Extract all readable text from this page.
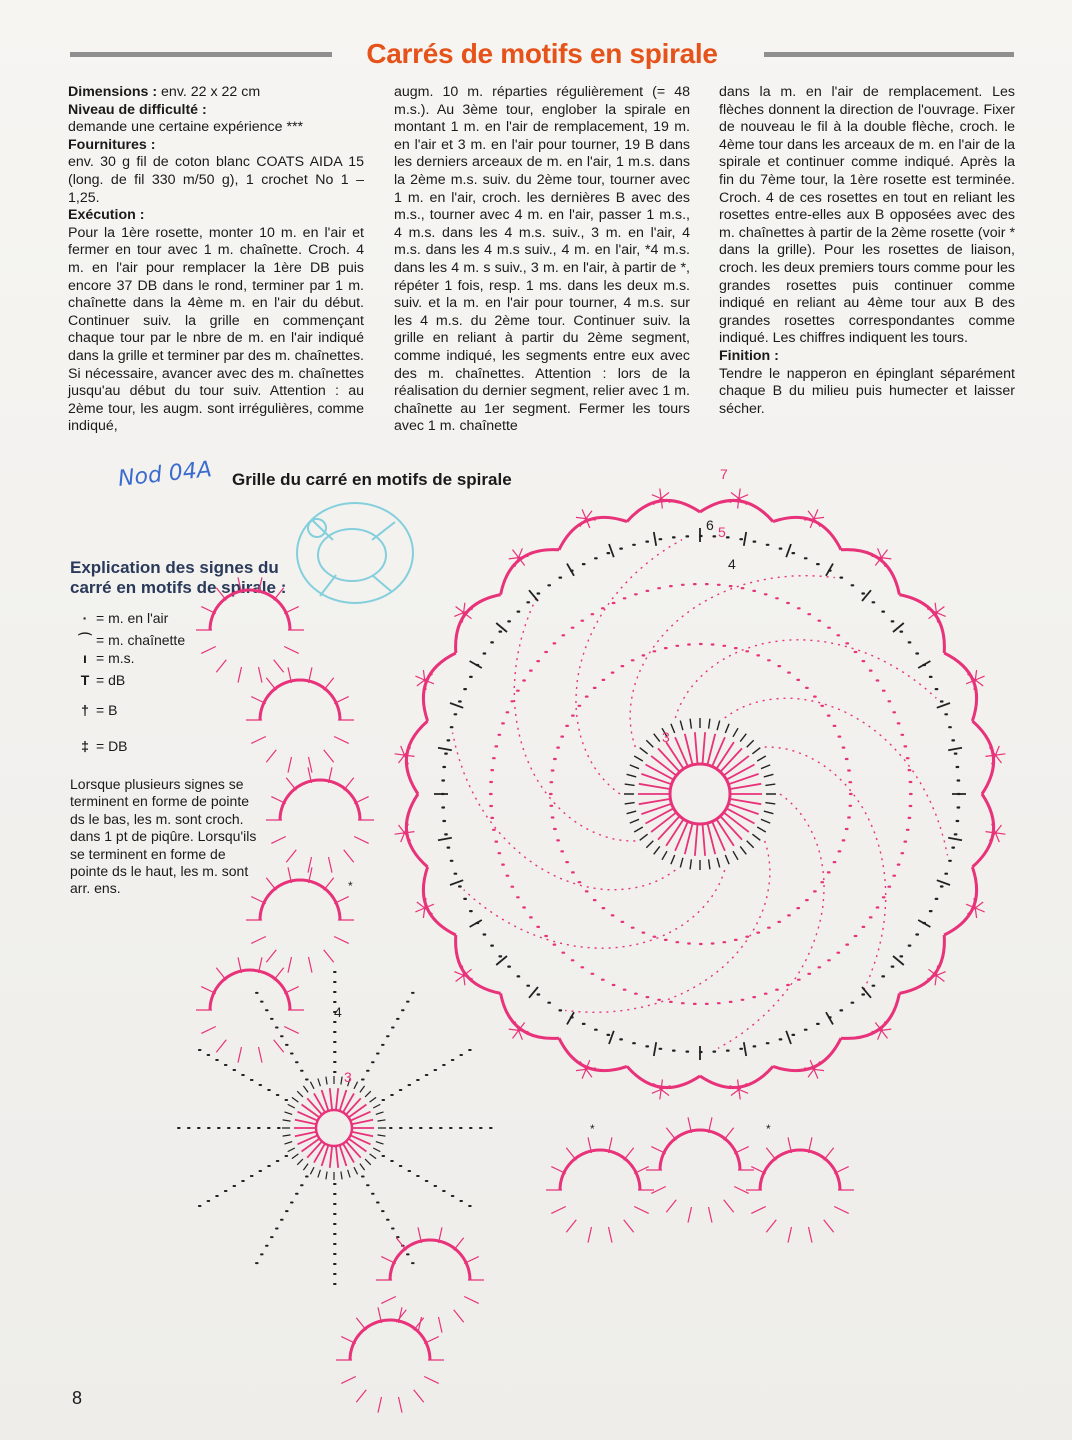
Carrés de motifs en spirale

Dimensions : env. 22 x 22 cm

Niveau de difficulté :

demande une certaine expérience ***

Fournitures :

env. 30 g fil de coton blanc COATS AIDA 15 (long. de fil 330 m/50 g), 1 crochet No 1 – 1,25.

Exécution :

Pour la 1ère rosette, monter 10 m. en l'air et fermer en tour avec 1 m. chaînette. Croch. 4 m. en l'air pour remplacer la 1ère DB puis encore 37 DB dans le rond, terminer par 1 m. chaînette dans la 4ème m. en l'air du début. Continuer suiv. la grille en commençant chaque tour par le nbre de m. en l'air indiqué dans la grille et terminer par des m. chaînettes. Si nécessaire, avancer avec des m. chaînettes jusqu'au début du tour suiv. Attention : au 2ème tour, les augm. sont irrégulières, comme indiqué,

augm. 10 m. réparties régulièrement (= 48 m.s.). Au 3ème tour, englober la spirale en montant 1 m. en l'air de remplacement, 19 m. en l'air et 3 m. en l'air pour tourner, 19 B dans les derniers arceaux de m. en l'air, 1 m.s. dans la 2ème m.s. suiv. du 2ème tour, tourner avec 1 m. en l'air, croch. les dernières B avec des m.s., tourner avec 4 m. en l'air, passer 1 m.s., 4 m.s. dans les 4 m.s. suiv., 3 m. en l'air, 4 m.s. dans les 4 m.s suiv., 4 m. en l'air, *4 m.s. dans les 4 m. s suiv., 3 m. en l'air, à partir de *, répéter 1 fois, resp. 1 ms. dans les deux m.s. suiv. et la m. en l'air pour tourner, 4 m.s. sur les 4 m.s. du 2ème tour. Continuer suiv. la grille en reliant à partir du 2ème segment, comme indiqué, les segments entre eux avec des m. chaînettes. Attention : lors de la réalisation du dernier segment, relier avec 1 m. chaînette au 1er segment. Fermer les tours avec 1 m. chaînette

dans la m. en l'air de remplacement. Les flèches donnent la direction de l'ouvrage. Fixer de nouveau le fil à la double flèche, croch. le 4ème tour dans les arceaux de m. en l'air de la spirale et continuer comme indiqué. Après la fin du 7ème tour, la 1ère rosette est terminée. Croch. 4 de ces rosettes en tout en reliant les rosettes entre-elles aux B opposées avec des m. chaînettes à partir de la 2ème rosette (voir * dans la grille). Pour les rosettes de liaison, croch. les deux premiers tours comme pour les grandes rosettes puis continuer comme indiqué en reliant au 4ème tour aux B des grandes rosettes correspondantes comme indiqué. Les chiffres indiquent les tours.

Finition :

Tendre le napperon en épinglant séparément chaque B du milieu puis humecter et laisser sécher.

Nod 04A Grille du carré en motifs de spirale
Explication des signes du carré en motifs de spirale :
· = m. en l'air
⌒ = m. chaînette
ı = m.s.
T = dB
† = B
‡ = DB
Lorsque plusieurs signes se terminent en forme de pointe ds le bas, les m. sont croch. dans 1 pt de piqûre. Lorsqu'ils se terminent en forme de pointe ds le haut, les m. sont arr. ens.
3
4
5
6
7
3
4
*	*
*
8
